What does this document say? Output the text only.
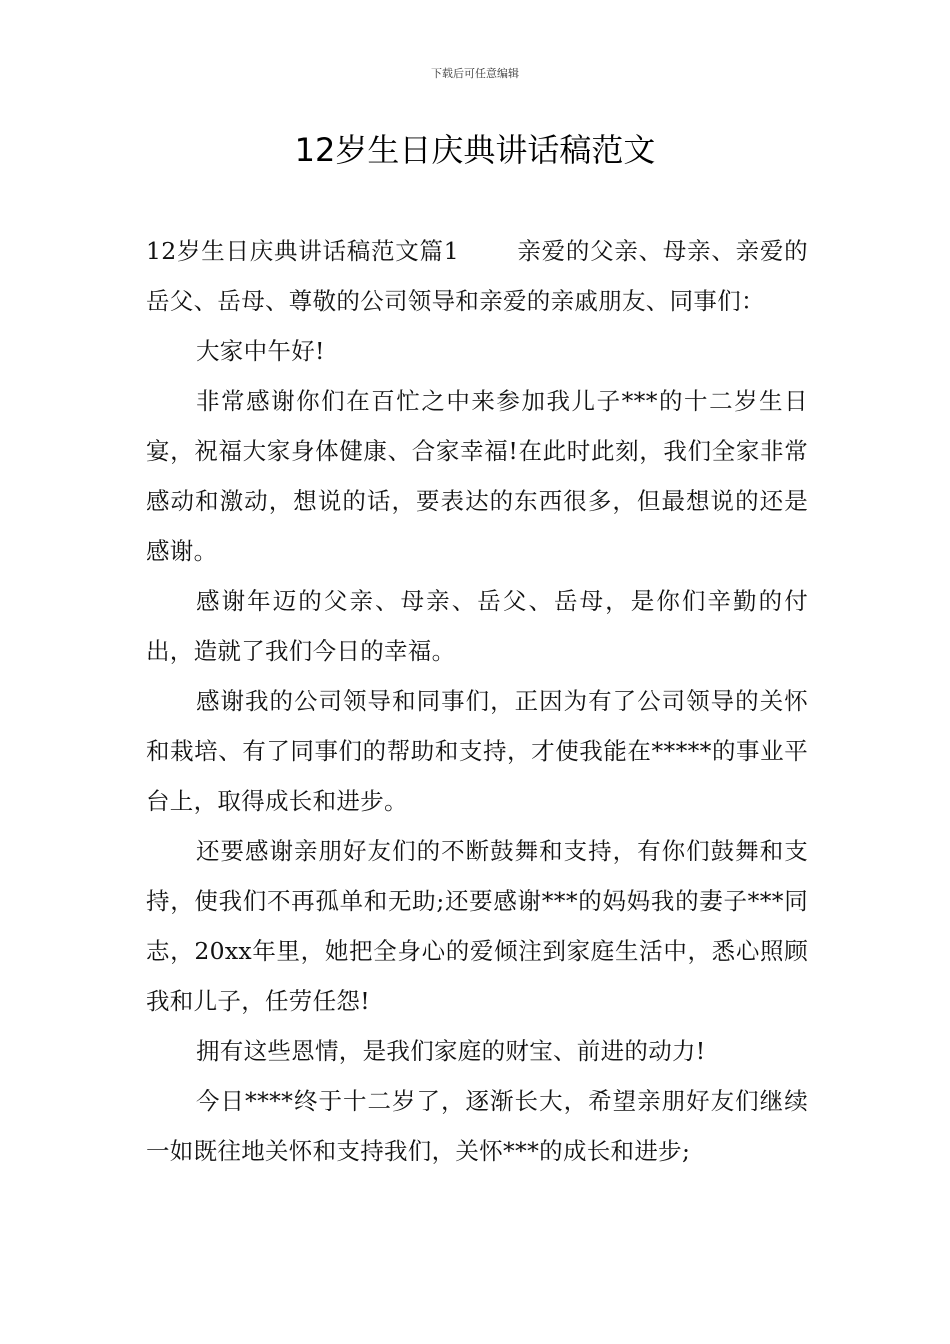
下载后可任意编辑
12岁生日庆典讲话稿范文

12岁生日庆典讲话稿范文篇1 亲爱的父亲、母亲、亲爱的岳父、岳母、尊敬的公司领导和亲爱的亲戚朋友、同事们：

大家中午好!

非常感谢你们在百忙之中来参加我儿子***的十二岁生日宴，祝福大家身体健康、合家幸福!在此时此刻，我们全家非常感动和激动，想说的话，要表达的东西很多，但最想说的还是感谢。

感谢年迈的父亲、母亲、岳父、岳母，是你们辛勤的付出，造就了我们今日的幸福。

感谢我的公司领导和同事们，正因为有了公司领导的关怀和栽培、有了同事们的帮助和支持，才使我能在*****的事业平台上，取得成长和进步。

还要感谢亲朋好友们的不断鼓舞和支持，有你们鼓舞和支持，使我们不再孤单和无助;还要感谢***的妈妈我的妻子***同志，20xx年里，她把全身心的爱倾注到家庭生活中，悉心照顾我和儿子，任劳任怨!

拥有这些恩情，是我们家庭的财宝、前进的动力!

今日****终于十二岁了，逐渐长大，希望亲朋好友们继续一如既往地关怀和支持我们，关怀***的成长和进步;
